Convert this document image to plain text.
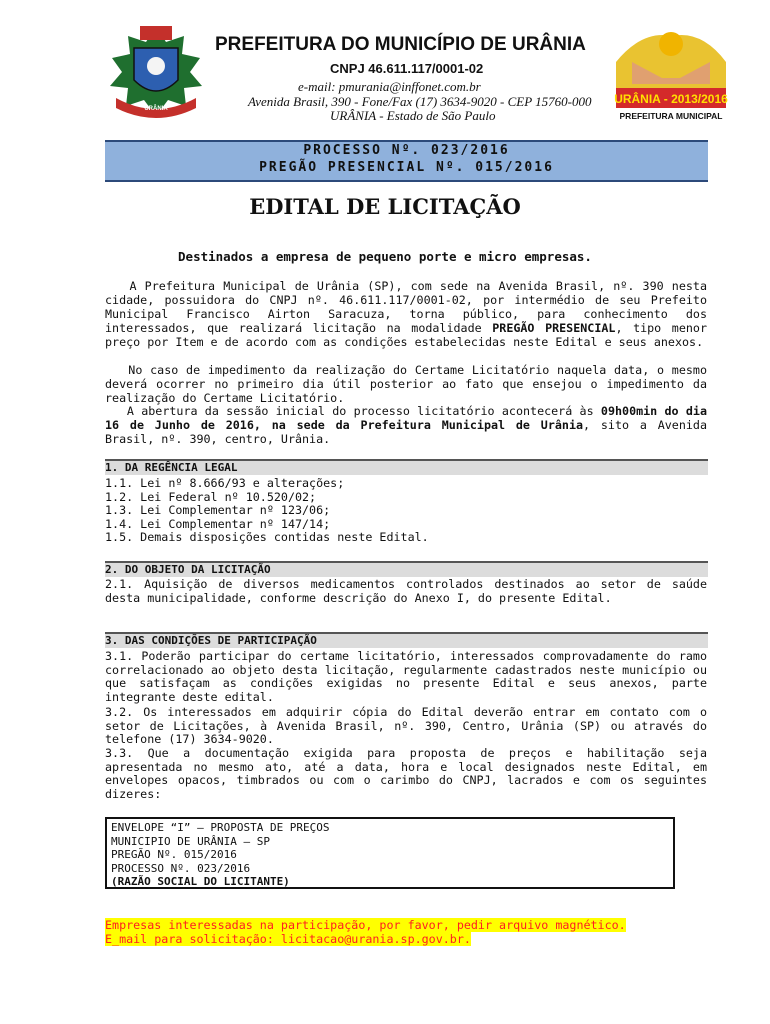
URÂNIA
PREFEITURA DO MUNICÍPIO DE URÂNIA
CNPJ 46.611.117/0001-02
e-mail: pmurania@inffonet.com.br
Avenida Brasil, 390 - Fone/Fax (17) 3634-9020 - CEP 15760-000
URÂNIA - Estado de São Paulo
URÂNIA - 2013/2016
PREFEITURA MUNICIPAL
PROCESSO Nº. 023/2016
PREGÃO PRESENCIAL Nº. 015/2016
EDITAL DE LICITAÇÃO
Destinados a empresa de pequeno porte e micro empresas.
A Prefeitura Municipal de Urânia (SP), com sede na Avenida Brasil, nº. 390 nesta cidade, possuidora do CNPJ nº. 46.611.117/0001-02, por intermédio de seu Prefeito Municipal Francisco Airton Saracuza, torna público, para conhecimento dos interessados, que realizará licitação na modalidade PREGÃO PRESENCIAL, tipo menor preço por Item e de acordo com as condições estabelecidas neste Edital e seus anexos.
No caso de impedimento da realização do Certame Licitatório naquela data, o mesmo deverá ocorrer no primeiro dia útil posterior ao fato que ensejou o impedimento da realização do Certame Licitatório.
A abertura da sessão inicial do processo licitatório acontecerá às 09h00min do dia 16 de Junho de 2016, na sede da Prefeitura Municipal de Urânia, sito a Avenida Brasil, nº. 390, centro, Urânia.
1. DA REGÊNCIA LEGAL
1.1. Lei nº 8.666/93 e alterações;
1.2. Lei Federal nº 10.520/02;
1.3. Lei Complementar nº 123/06;
1.4. Lei Complementar nº 147/14;
1.5. Demais disposições contidas neste Edital.
2. DO OBJETO DA LICITAÇÃO
2.1. Aquisição de diversos medicamentos controlados destinados ao setor de saúde desta municipalidade, conforme descrição do Anexo I, do presente Edital.
3. DAS CONDIÇÕES DE PARTICIPAÇÃO
3.1. Poderão participar do certame licitatório, interessados comprovadamente do ramo correlacionado ao objeto desta licitação, regularmente cadastrados neste município ou que satisfaçam as condições exigidas no presente Edital e seus anexos, parte integrante deste edital.
3.2. Os interessados em adquirir cópia do Edital deverão entrar em contato com o setor de Licitações, à Avenida Brasil, nº. 390, Centro, Urânia (SP) ou através do telefone (17) 3634-9020.
3.3. Que a documentação exigida para proposta de preços e habilitação seja apresentada no mesmo ato, até a data, hora e local designados neste Edital, em envelopes opacos, timbrados ou com o carimbo do CNPJ, lacrados e com os seguintes dizeres:
ENVELOPE “I” – PROPOSTA DE PREÇOS
MUNICIPIO DE URÂNIA – SP
PREGÃO Nº. 015/2016
PROCESSO Nº. 023/2016
(RAZÃO SOCIAL DO LICITANTE)
Empresas interessadas na participação, por favor, pedir arquivo magnético.
E_mail para solicitação: licitacao@urania.sp.gov.br.
